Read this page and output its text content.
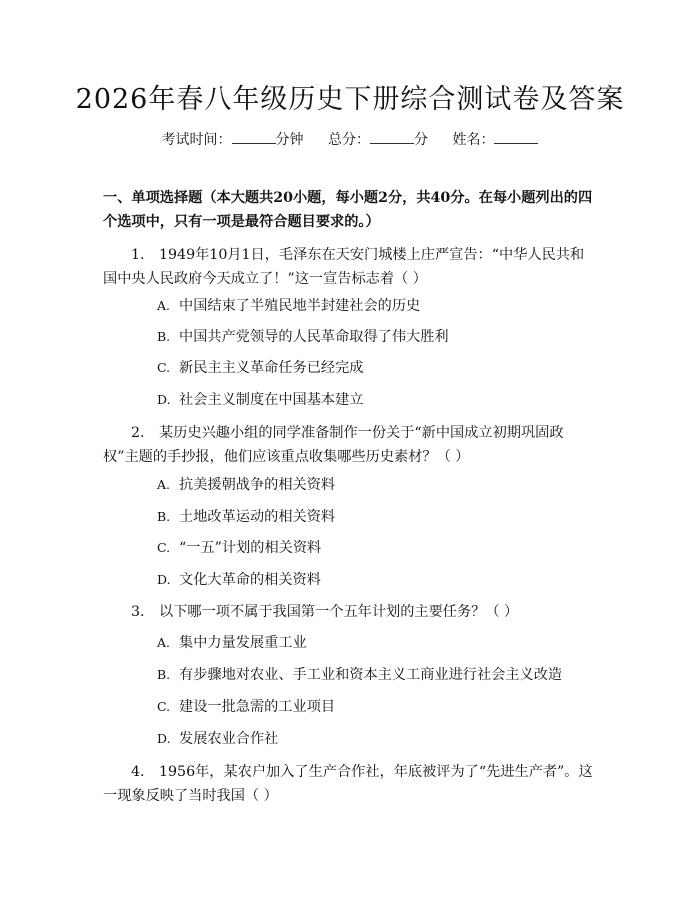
2026年春八年级历史下册综合测试卷及答案
考试时间：	分钟 总分：	分 姓名：
一、单项选择题（本大题共20小题，每小题2分，共40分。在每小题列出的四个选项中，只有一项是最符合题目要求的。）
1. 1949年10月1日，毛泽东在天安门城楼上庄严宣告：“中华人民共和国中央人民政府今天成立了！”这一宣告标志着（ ）
A. 中国结束了半殖民地半封建社会的历史
B. 中国共产党领导的人民革命取得了伟大胜利
C. 新民主主义革命任务已经完成
D. 社会主义制度在中国基本建立
2. 某历史兴趣小组的同学准备制作一份关于“新中国成立初期巩固政权”主题的手抄报，他们应该重点收集哪些历史素材？（ ）
A. 抗美援朝战争的相关资料
B. 土地改革运动的相关资料
C. “一五”计划的相关资料
D. 文化大革命的相关资料
3. 以下哪一项不属于我国第一个五年计划的主要任务？（ ）
A. 集中力量发展重工业
B. 有步骤地对农业、手工业和资本主义工商业进行社会主义改造
C. 建设一批急需的工业项目
D. 发展农业合作社
4. 1956年，某农户加入了生产合作社，年底被评为了“先进生产者”。这一现象反映了当时我国（ ）
